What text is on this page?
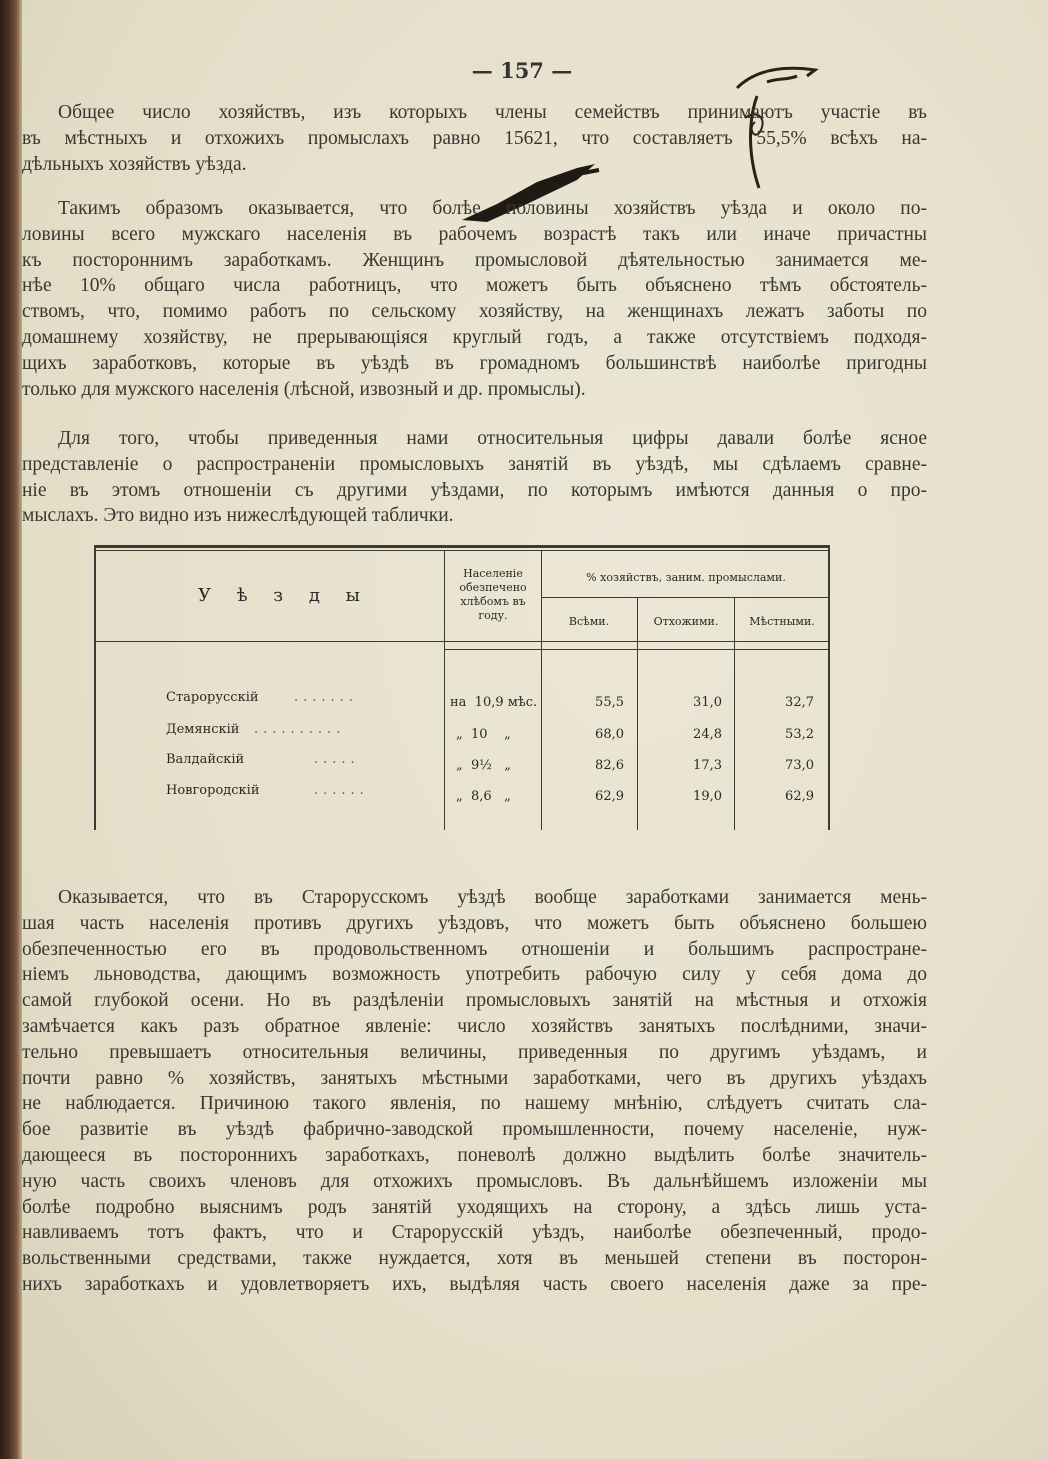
— 157 —
Общее число хозяйствъ, изъ которыхъ члены семействъ принимаютъ участіе въ
въ мѣстныхъ и отхожихъ промыслахъ равно 15621, что составляетъ 55,5% всѣхъ на-
дѣльныхъ хозяйствъ уѣзда.
Такимъ образомъ оказывается, что болѣе половины хозяйствъ уѣзда и около по-
ловины всего мужскаго населенія въ рабочемъ возрастѣ такъ или иначе причастны
къ постороннимъ заработкамъ. Женщинъ промысловой дѣятельностью занимается ме-
нѣе 10% общаго числа работницъ, что можетъ быть объяснено тѣмъ обстоятель-
ствомъ, что, помимо работъ по сельскому хозяйству, на женщинахъ лежатъ заботы по
домашнему хозяйству, не прерывающіяся круглый годъ, а также отсутствіемъ подходя-
щихъ заработковъ, которые въ уѣздѣ въ громадномъ большинствѣ наиболѣе пригодны
только для мужского населенія (лѣсной, извозный и др. промыслы).
Для того, чтобы приведенныя нами относительныя цифры давали болѣе ясное
представленіе о распространеніи промысловыхъ занятій въ уѣздѣ, мы сдѣлаемъ сравне-
ніе въ этомъ отношеніи съ другими уѣздами, по которымъ имѣются данныя о про-
мыслахъ. Это видно изъ нижеслѣдующей таблички.
У ѣ з д ы
Населеніе
обезпечено
хлѣбомъ въ
году.
% хозяйствъ, заним. промыслами.
Всѣми.	Отхожими.	Мѣстными.
Старорусскій	.......	на  10,9 мѣс.	55,5	31,0	32,7
Демянскій ..........	„  10    „	68,0	24,8	53,2
Валдайскій	.....	„  9½   „	82,6	17,3	73,0
Новгородскій	......	„  8,6   „	62,9	19,0	62,9
Оказывается, что въ Старорусскомъ уѣздѣ вообще заработками занимается мень-
шая часть населенія противъ другихъ уѣздовъ, что можетъ быть объяснено большею
обезпеченностью его въ продовольственномъ отношеніи и большимъ распростране-
ніемъ льноводства, дающимъ возможность употребить рабочую силу у себя дома до
самой глубокой осени. Но въ раздѣленіи промысловыхъ занятій на мѣстныя и отхожія
замѣчается какъ разъ обратное явленіе: число хозяйствъ занятыхъ послѣдними, значи-
тельно превышаетъ относительныя величины, приведенныя по другимъ уѣздамъ, и
почти равно % хозяйствъ, занятыхъ мѣстными заработками, чего въ другихъ уѣздахъ
не наблюдается. Причиною такого явленія, по нашему мнѣнію, слѣдуетъ считать сла-
бое развитіе въ уѣздѣ фабрично-заводской промышленности, почему населеніе, нуж-
дающееся въ постороннихъ заработкахъ, поневолѣ должно выдѣлить болѣе значитель-
ную часть своихъ членовъ для отхожихъ промысловъ. Въ дальнѣйшемъ изложеніи мы
болѣе подробно выяснимъ родъ занятій уходящихъ на сторону, а здѣсь лишь уста-
навливаемъ тотъ фактъ, что и Старорусскій уѣздъ, наиболѣе обезпеченный, продо-
вольственными средствами, также нуждается, хотя въ меньшей степени въ посторон-
нихъ заработкахъ и удовлетворяетъ ихъ, выдѣляя часть своего населенія даже за пре-
